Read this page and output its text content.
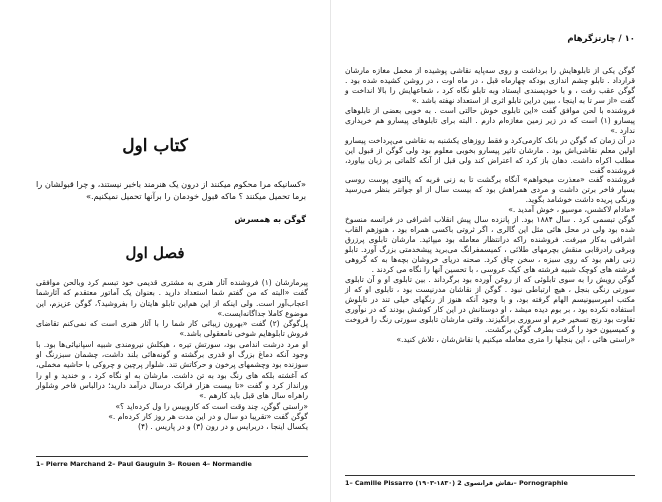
کتاب اول
«کسانیکه مرا محکوم میکنند از درون یک هنرمند باخبر نیستند، و چرا قبولشان را برما تحمیل میکنند ؟ ماکه قبول خودمان را برآنها تحمیل نمیکنیم.»
گوگن به همسرش
فصل اول

پیرمارشان (۱) فروشنده آثار هنری به مشتری قدیمی خود تبسم کرد وبالحن موافقی گفت «البته که من گفتم شما استعداد دارید . بعنوان یک آماتور معتقدم که آثارشما اعجاب‌آور است. ولی اینکه از این هم‌این تابلو هایتان را بفروشید؟، گوگن عزیزم، این موضوع کاملا جداگانه‌ایست.»

پل‌گوگن (۲) گفت «بهرون زیبائی کار شما را با آثار هنری است که نمی‌کنم تقاضای فروش تابلوهایم شوخی نامعقولی باشد.»

او مرد درشت اندامی بود، سورتش تیره ، هیکلش نیرومندی شبیه اسپانیائی‌ها بود. با وجود آنکه دماغ بزرگ او قدری برگشته و گونه‌هائی بلند داشت، چشمان سبزرنگ او سوزنده بود وچشمهای پرخون و حرکاتش تند. شلوار پرچین و چروکی با حاشیه مخملی، که آغشته بلکه های رنگ بود به تن داشت. مارشان به او نگاه کرد ، و خندید و او را ورانداز کرد و گفت «تا بیست هزار فرانک درسال درآمد دارید؛ درالباس فاخر وشلوار راهراه سال های قبل باید کارهم .»

«راستی گوگن، چند وقت است که کاروبیس را ول کرده‌اید ؟»

گوگن گفت «تقریبا دو سال و در این مدت هر روز کار کرده‌ام .»

یکسال اینجا ، دربرایس و در رون (۳) و در پاریس . (۴)

1– Pierre Marchand 2– Paul Gauguin 3– Rouen 4– Normandie
۱۰ / چارتزگرهام

گوگن یکی از تابلوهایش را برداشت و روی سه‌پایه نقاشی پوشیده از مخمل مغازه مارشان قرارداد . تابلو چشم اندازی بودکه چهارماه قبل ، در ماه اوت ، در روشن کشیده شده بود . گوگن عقب رفت ، و با خودپسندی ایستاد وبه تابلو نگاه کرد ، شعاعهایش را بالا انداخت و گفت «از سر تا به اینجا ، ببین دراین تابلو اثری از استعداد نهفته باشد .»

فروشنده با لحن موافق گفت «این تابلوی خوش حالتی است . به خوبی بعضی از تابلوهای پیسارو (۱) است که در زیر زمین مغازه‌ام دارم . البته برای تابلوهای پیسارو هم خریداری ندارد .»

در آن زمان که گوگن در بانک کارمی‌کرد و فقط روزهای یکشنبه به نقاشی می‌پرداخت پیسارو اولین معلم نقاشی‌اش بود . مارشان تاثیر پیسارو بخوبی معلوم بود ولی گوگن از قبول این مطلب اکراه داشت. دهان باز کرد که اعتراض کند ولی قبل از آنکه کلماتی بر زبان بیاورد، فروشنده گفت

فروشنده گفت «معذرت میخواهم» آنگاه برگشت تا به زنی فربه که پالتوی پوست روسی بسیار فاخر برتن داشت و مردی همراهش بود که بیست سال از او جوانتر بنظر می‌رسید ورنگی پریده داشت خوشامد بگوید.

«مادام لاکشس، موسیو ، خوش آمدید .»

گوگن تبسمی کرد . سال ۱۸۸۴ بود. از پانزده سال پیش انقلاب اشرافی در فرانسه منسوخ شده بود ولی در محل هائی مثل این گالری ، اگر ثروتی باکسی همراه بود ، هنوزهم القاب اشرافی به‌کار میرفت. فروشنده راکه درانتظار معامله بود میپائید. مارشان تابلوی پرزرق وبرقی رادرقابی منقش بچرمهای طلائی ، کمیسمفرانگ می‌برید پیشخدمتی بزرگ آورد. تابلو زنی راهم بود که روی سبزه ، سخن چاق کرد. صحنه دریای خروشان بچه‌ها به که گروهی فرشته های کوچک شبیه فرشته های کیک عروسی ، با تحسین آنها را نگاه می کردند .

گوگن رویش را به سوی تابلوئی که از روغن آورده بود برگرداند . بین تابلوی او و آن تابلوی سورتی رنگی بنجل ، هیچ ارتباطی نبود . گوگن از نقاشان مدرنیست بود ، تابلوی او که از مکتب امپرسیونیسم الهام گرفته بود، و با وجود آنکه هنوز از رنگهای خیلی تند در تابلوش استفاده نکرده بود ، بر بوم دیده میشد ، او دوستانش در این کار کوشش بودند که در نوآوری تفاوت بود رنج تسخیر خرم او سروری برانگیزند. وقتی مارشان تابلوی سورتی رنگ را فروخت و کمیسیون خود را گرفت بطرف گوگن برگشت.

«راستی هائی ، این بنجلها را متری معامله میکنیم یا نقاش‌شان ، تلاش کنید.»

1– Camille Pissarro (۱۹۰۳-۱۸۳۰) نقاش فرانسوی 2– Pornographie
